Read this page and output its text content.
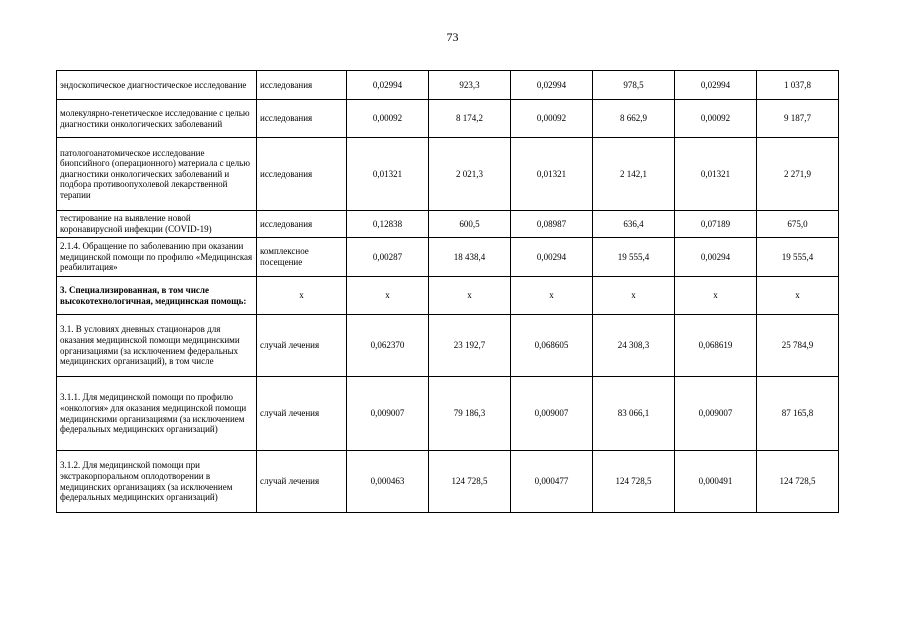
73
эндоскопическое диагностическое исследование	исследования	0,02994	923,3	0,02994	978,5	0,02994	1 037,8
молекулярно-генетическое исследование с целью диагностики онкологических заболеваний	исследования	0,00092	8 174,2	0,00092	8 662,9	0,00092	9 187,7
патологоанатомическое исследование биопсийного (операционного) материала с целью диагностики онкологических заболеваний и подбора противоопухолевой лекарственной терапии	исследования	0,01321	2 021,3	0,01321	2 142,1	0,01321	2 271,9
тестирование на выявление новой коронавирусной инфекции (COVID-19)	исследования	0,12838	600,5	0,08987	636,4	0,07189	675,0
2.1.4. Обращение по заболеванию при оказании медицинской помощи по профилю «Медицинская реабилитация»	комплексное посещение	0,00287	18 438,4	0,00294	19 555,4	0,00294	19 555,4
3. Специализированная, в том числе высокотехнологичная, медицинская помощь:	х	х	х	х	х	х	х
3.1. В условиях дневных стационаров для оказания медицинской помощи медицинскими организациями (за исключением федеральных медицинских организаций), в том числе	случай лечения	0,062370	23 192,7	0,068605	24 308,3	0,068619	25 784,9
3.1.1. Для медицинской помощи по профилю «онкология» для оказания медицинской помощи медицинскими организациями (за исключением федеральных медицинских организаций)	случай лечения	0,009007	79 186,3	0,009007	83 066,1	0,009007	87 165,8
3.1.2. Для медицинской помощи при экстракорпоральном оплодотворении в медицинских организациях (за исключением федеральных медицинских организаций)	случай лечения	0,000463	124 728,5	0,000477	124 728,5	0,000491	124 728,5
